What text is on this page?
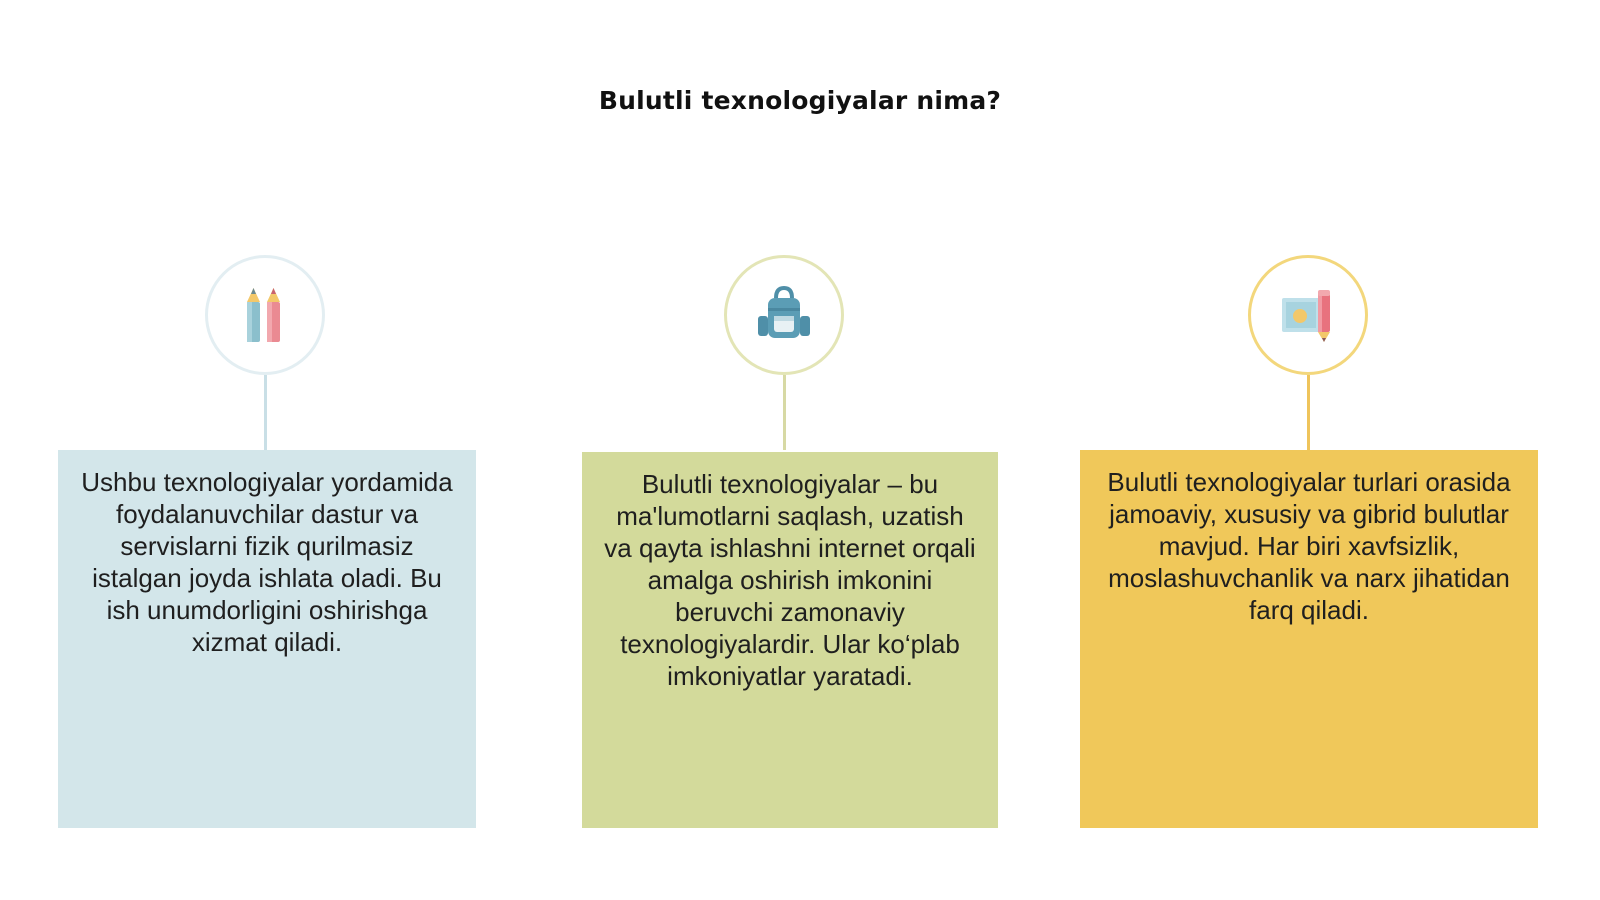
Bulutli texnologiyalar nima?
Ushbu texnologiyalar yordamida foydalanuvchilar dastur va servislarni fizik qurilmasiz istalgan joyda ishlata oladi. Bu ish unumdorligini oshirishga xizmat qiladi.
Bulutli texnologiyalar – bu ma'lumotlarni saqlash, uzatish va qayta ishlashni internet orqali amalga oshirish imkonini beruvchi zamonaviy texnologiyalardir. Ular ko‘plab imkoniyatlar yaratadi.
Bulutli texnologiyalar turlari orasida jamoaviy, xususiy va gibrid bulutlar mavjud. Har biri xavfsizlik, moslashuvchanlik va narx jihatidan farq qiladi.
